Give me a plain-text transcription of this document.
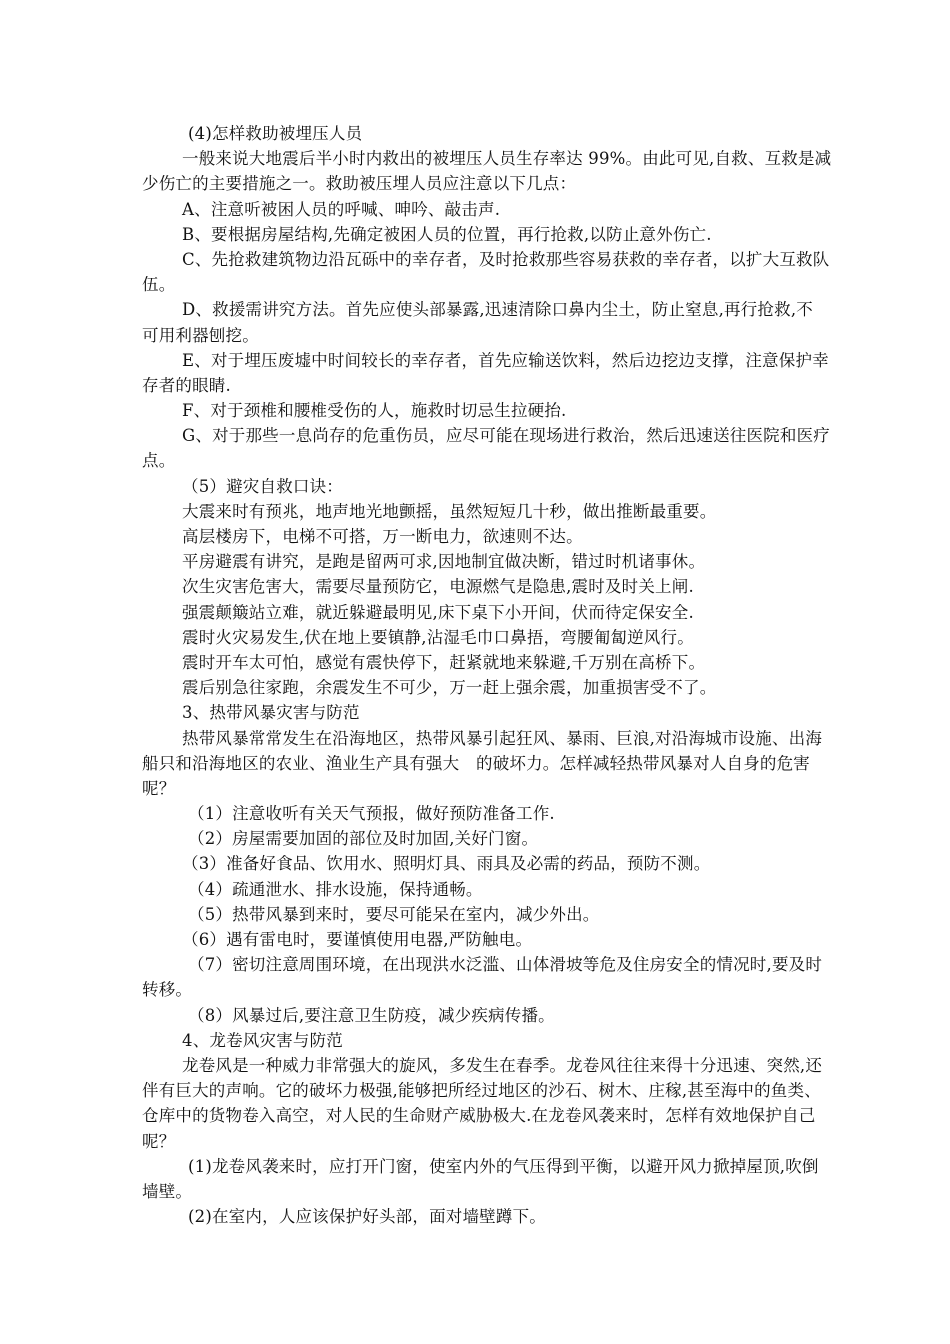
(4)怎样救助被埋压人员
一般来说大地震后半小时内救出的被埋压人员生存率达 99%。由此可见,自救、互救是减
少伤亡的主要措施之一。救助被压埋人员应注意以下几点：
A、注意听被困人员的呼喊、呻吟、敲击声.
B、要根据房屋结构,先确定被困人员的位置，再行抢救,以防止意外伤亡.
C、先抢救建筑物边沿瓦砾中的幸存者，及时抢救那些容易获救的幸存者，以扩大互救队
伍。
D、救援需讲究方法。首先应使头部暴露,迅速清除口鼻内尘土，防止窒息,再行抢救,不
可用利器刨挖。
E、对于埋压废墟中时间较长的幸存者，首先应输送饮料，然后边挖边支撑，注意保护幸
存者的眼睛.
F、对于颈椎和腰椎受伤的人，施救时切忌生拉硬抬.
G、对于那些一息尚存的危重伤员，应尽可能在现场进行救治，然后迅速送往医院和医疗
点。
（5）避灾自救口诀：
大震来时有预兆，地声地光地颤摇，虽然短短几十秒，做出推断最重要。
高层楼房下，电梯不可搭，万一断电力，欲速则不达。
平房避震有讲究，是跑是留两可求,因地制宜做决断，错过时机诸事休。
次生灾害危害大，需要尽量预防它，电源燃气是隐患,震时及时关上闸.
强震颠簸站立难，就近躲避最明见,床下桌下小开间，伏而待定保安全.
震时火灾易发生,伏在地上要镇静,沾湿毛巾口鼻捂，弯腰匍匐逆风行。
震时开车太可怕，感觉有震快停下，赶紧就地来躲避,千万别在高桥下。
震后别急往家跑，余震发生不可少，万一赶上强余震，加重损害受不了。
3、热带风暴灾害与防范
热带风暴常常发生在沿海地区，热带风暴引起狂风、暴雨、巨浪,对沿海城市设施、出海
船只和沿海地区的农业、渔业生产具有强大　的破坏力。怎样减轻热带风暴对人自身的危害
呢？
（1）注意收听有关天气预报，做好预防准备工作.
（2）房屋需要加固的部位及时加固,关好门窗。
（3）准备好食品、饮用水、照明灯具、雨具及必需的药品，预防不测。
（4）疏通泄水、排水设施，保持通畅。
（5）热带风暴到来时，要尽可能呆在室内，减少外出。
（6）遇有雷电时，要谨慎使用电器,严防触电。
（7）密切注意周围环境，在出现洪水泛滥、山体滑坡等危及住房安全的情况时,要及时
转移。
（8）风暴过后,要注意卫生防疫，减少疾病传播。
4、龙卷风灾害与防范
龙卷风是一种威力非常强大的旋风，多发生在春季。龙卷风往往来得十分迅速、突然,还
伴有巨大的声响。它的破坏力极强,能够把所经过地区的沙石、树木、庄稼,甚至海中的鱼类、
仓库中的货物卷入高空，对人民的生命财产威胁极大.在龙卷风袭来时，怎样有效地保护自己
呢？
(1)龙卷风袭来时，应打开门窗，使室内外的气压得到平衡，以避开风力掀掉屋顶,吹倒
墙壁。
(2)在室内，人应该保护好头部，面对墙壁蹲下。
